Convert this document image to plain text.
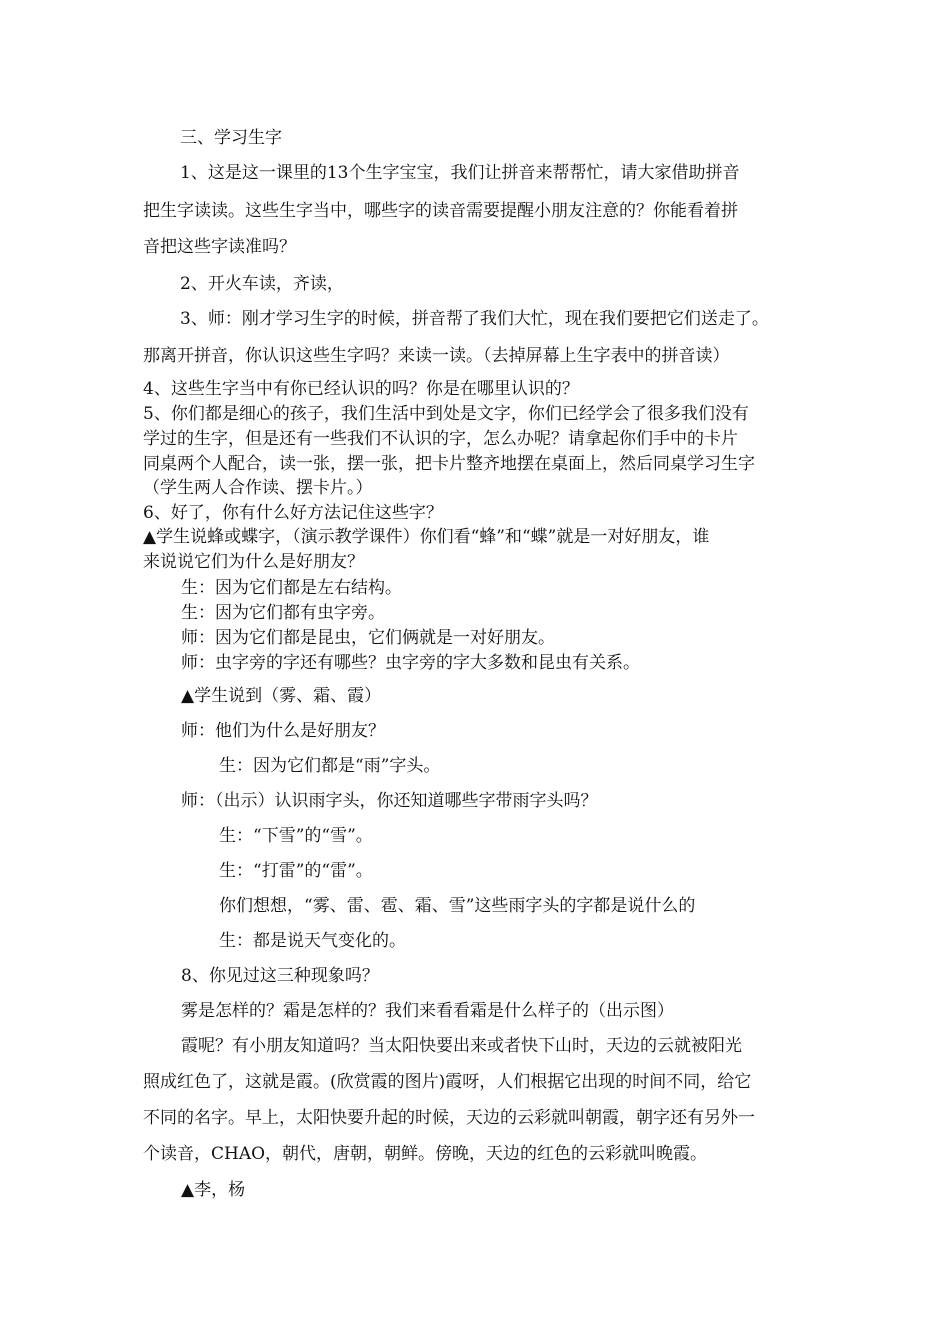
三、学习生字
1、这是这一课里的13个生字宝宝，我们让拼音来帮帮忙，请大家借助拼音
把生字读读。这些生字当中，哪些字的读音需要提醒小朋友注意的？你能看着拼
音把这些字读准吗？
2、开火车读，齐读，
3、师：刚才学习生字的时候，拼音帮了我们大忙，现在我们要把它们送走了。
那离开拼音，你认识这些生字吗？来读一读。（去掉屏幕上生字表中的拼音读）
4、这些生字当中有你已经认识的吗？你是在哪里认识的？
5、你们都是细心的孩子，我们生活中到处是文字，你们已经学会了很多我们没有
学过的生字，但是还有一些我们不认识的字，怎么办呢？请拿起你们手中的卡片
同桌两个人配合，读一张，摆一张，把卡片整齐地摆在桌面上，然后同桌学习生字
（学生两人合作读、摆卡片。）
6、好了，你有什么好方法记住这些字？
▲学生说蜂或蝶字，（演示教学课件）你们看“蜂”和“蝶”就是一对好朋友，谁
来说说它们为什么是好朋友？
生：因为它们都是左右结构。
生：因为它们都有虫字旁。
师：因为它们都是昆虫，它们俩就是一对好朋友。
师：虫字旁的字还有哪些？虫字旁的字大多数和昆虫有关系。
▲学生说到（雾、霜、霞）
师：他们为什么是好朋友？
生：因为它们都是“雨”字头。
师：（出示）认识雨字头，你还知道哪些字带雨字头吗？
生：“下雪”的“雪”。
生：“打雷”的“雷”。
你们想想，“雾、雷、雹、霜、雪”这些雨字头的字都是说什么的
生：都是说天气变化的。
8、你见过这三种现象吗？
雾是怎样的？霜是怎样的？我们来看看霜是什么样子的（出示图）
霞呢？有小朋友知道吗？当太阳快要出来或者快下山时，天边的云就被阳光
照成红色了，这就是霞。(欣赏霞的图片)霞呀，人们根据它出现的时间不同，给它
不同的名字。早上，太阳快要升起的时候，天边的云彩就叫朝霞，朝字还有另外一
个读音，CHAO，朝代，唐朝，朝鲜。傍晚，天边的红色的云彩就叫晚霞。
▲李，杨
